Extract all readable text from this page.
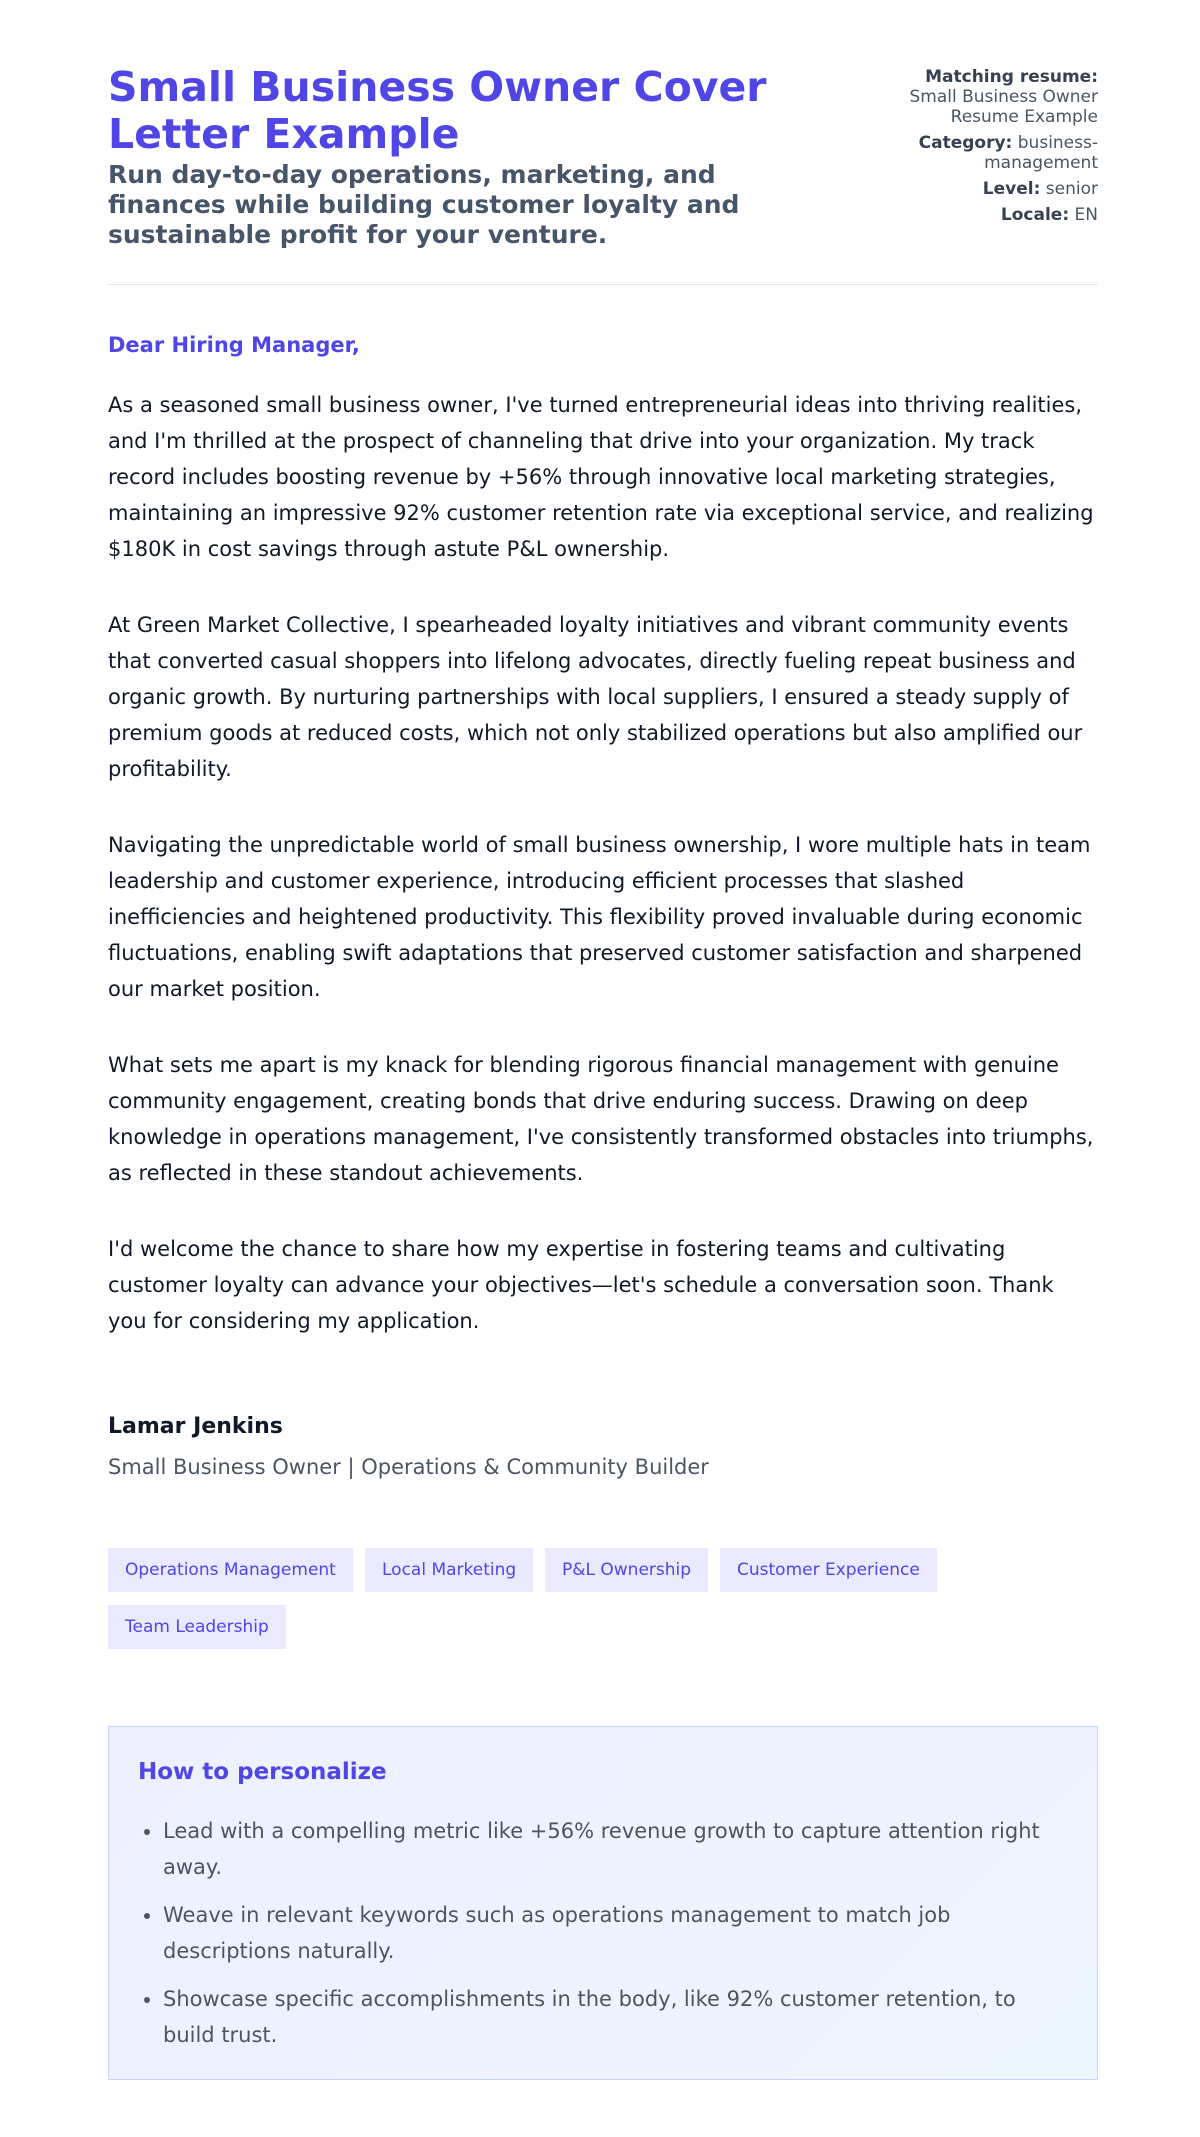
Small Business Owner Cover Letter Example
Run day-to-day operations, marketing, and finances while building customer loyalty and sustainable profit for your venture.
Matching resume:
Small Business Owner Resume Example
Category: business-management
Level: senior
Locale: EN
Dear Hiring Manager,

As a seasoned small business owner, I've turned entrepreneurial ideas into thriving realities, and I'm thrilled at the prospect of channeling that drive into your organization. My track record includes boosting revenue by +56% through innovative local marketing strategies, maintaining an impressive 92% customer retention rate via exceptional service, and realizing $180K in cost savings through astute P&L ownership.

At Green Market Collective, I spearheaded loyalty initiatives and vibrant community events that converted casual shoppers into lifelong advocates, directly fueling repeat business and organic growth. By nurturing partnerships with local suppliers, I ensured a steady supply of premium goods at reduced costs, which not only stabilized operations but also amplified our profitability.

Navigating the unpredictable world of small business ownership, I wore multiple hats in team leadership and customer experience, introducing efficient processes that slashed inefficiencies and heightened productivity. This flexibility proved invaluable during economic fluctuations, enabling swift adaptations that preserved customer satisfaction and sharpened our market position.

What sets me apart is my knack for blending rigorous financial management with genuine community engagement, creating bonds that drive enduring success. Drawing on deep knowledge in operations management, I've consistently transformed obstacles into triumphs, as reflected in these standout achievements.

I'd welcome the chance to share how my expertise in fostering teams and cultivating customer loyalty can advance your objectives—let's schedule a conversation soon. Thank you for considering my application.

Lamar Jenkins
Small Business Owner | Operations & Community Builder
Operations Management	Local Marketing	P&L Ownership	Customer Experience
Team Leadership
How to personalize
• Lead with a compelling metric like +56% revenue growth to capture attention right away.
• Weave in relevant keywords such as operations management to match job descriptions naturally.
• Showcase specific accomplishments in the body, like 92% customer retention, to build trust.
